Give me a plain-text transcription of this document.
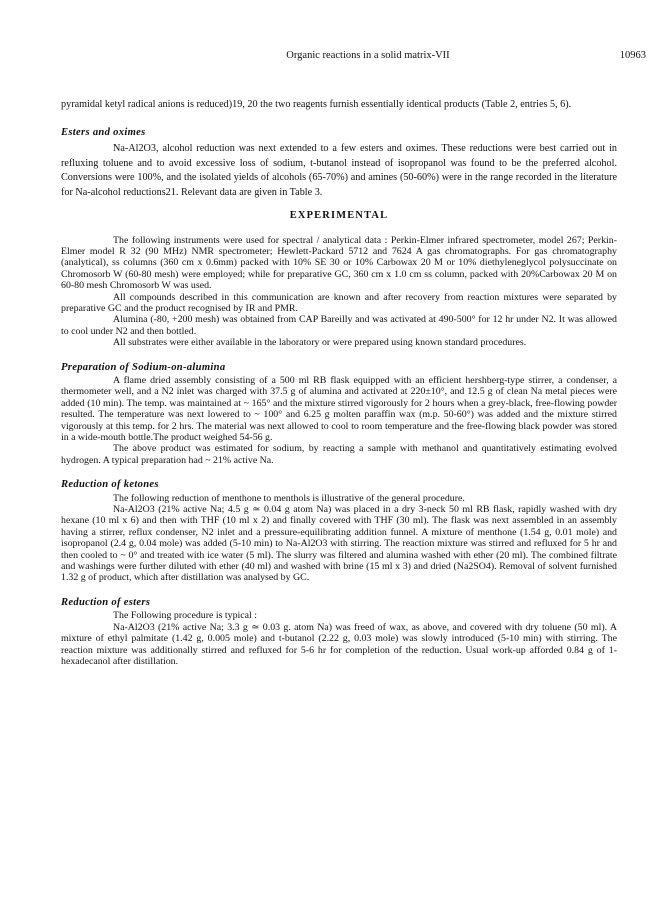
Organic reactions in a solid matrix-VII	10963

pyramidal ketyl radical anions is reduced)19, 20 the two reagents furnish essentially identical products (Table 2, entries 5, 6).

Esters and oximes

Na-Al2O3, alcohol reduction was next extended to a few esters and oximes. These reductions were best carried out in refluxing toluene and to avoid excessive loss of sodium, t-butanol instead of isopropanol was found to be the preferred alcohol. Conversions were 100%, and the isolated yields of alcohols (65-70%) and amines (50-60%) were in the range recorded in the literature for Na-alcohol reductions21. Relevant data are given in Table 3.

EXPERIMENTAL

The following instruments were used for spectral / analytical data : Perkin-Elmer infrared spectrometer, model 267; Perkin-Elmer model R 32 (90 MHz) NMR spectrometer; Hewlett-Packard 5712 and 7624 A gas chromatographs. For gas chromatography (analytical), ss columns (360 cm x 0.6mm) packed with 10% SE 30 or 10% Carbowax 20 M or 10% diethyleneglycol polysuccinate on Chromosorb W (60-80 mesh) were employed; while for preparative GC, 360 cm x 1.0 cm ss column, packed with 20%Carbowax 20 M on 60-80 mesh Chromosorb W was used.

All compounds described in this communication are known and after recovery from reaction mixtures were separated by preparative GC and the product recognised by IR and PMR.

Alumina (-80, +200 mesh) was obtained from CAP Bareilly and was activated at 490-500° for 12 hr under N2. It was allowed to cool under N2 and then bottled.

All substrates were either available in the laboratory or were prepared using known standard procedures.

Preparation of Sodium-on-alumina

A flame dried assembly consisting of a 500 ml RB flask equipped with an efficient hershberg-type stirrer, a condenser, a thermometer well, and a N2 inlet was charged with 37.5 g of alumina and activated at 220±10°, and 12.5 g of clean Na metal pieces were added (10 min). The temp. was maintained at ~ 165° and the mixture stirred vigorously for 2 hours when a grey-black, free-flowing powder resulted. The temperature was next lowered to ~ 100° and 6.25 g molten paraffin wax (m.p. 50-60°) was added and the mixture stirred vigorously at this temp. for 2 hrs. The material was next allowed to cool to room temperature and the free-flowing black powder was stored in a wide-mouth bottle.The product weighed 54-56 g.

The above product was estimated for sodium, by reacting a sample with methanol and quantitatively estimating evolved hydrogen. A typical preparation had ~ 21% active Na.

Reduction of ketones

The following reduction of menthone to menthols is illustrative of the general procedure.

Na-Al2O3 (21% active Na; 4.5 g ≃ 0.04 g atom Na) was placed in a dry 3-neck 50 ml RB flask, rapidly washed with dry hexane (10 ml x 6) and then with THF (10 ml x 2) and finally covered with THF (30 ml). The flask was next assembled in an assembly having a stirrer, reflux condenser, N2 inlet and a pressure-equilibrating addition funnel. A mixture of menthone (1.54 g, 0.01 mole) and isopropanol (2.4 g, 0.04 mole) was added (5-10 min) to Na-Al2O3 with stirring. The reaction mixture was stirred and refluxed for 5 hr and then cooled to ~ 0° and treated with ice water (5 ml). The slurry was filtered and alumina washed with ether (20 ml). The combined filtrate and washings were further diluted with ether (40 ml) and washed with brine (15 ml x 3) and dried (Na2SO4). Removal of solvent furnished 1.32 g of product, which after distillation was analysed by GC.

Reduction of esters

The Following procedure is typical :

Na-Al2O3 (21% active Na; 3.3 g ≃ 0.03 g. atom Na) was freed of wax, as above, and covered with dry toluene (50 ml). A mixture of ethyl palmitate (1.42 g, 0.005 mole) and t-butanol (2.22 g, 0.03 mole) was slowly introduced (5-10 min) with stirring. The reaction mixture was additionally stirred and refluxed for 5-6 hr for completion of the reduction. Usual work-up afforded 0.84 g of 1-hexadecanol after distillation.
